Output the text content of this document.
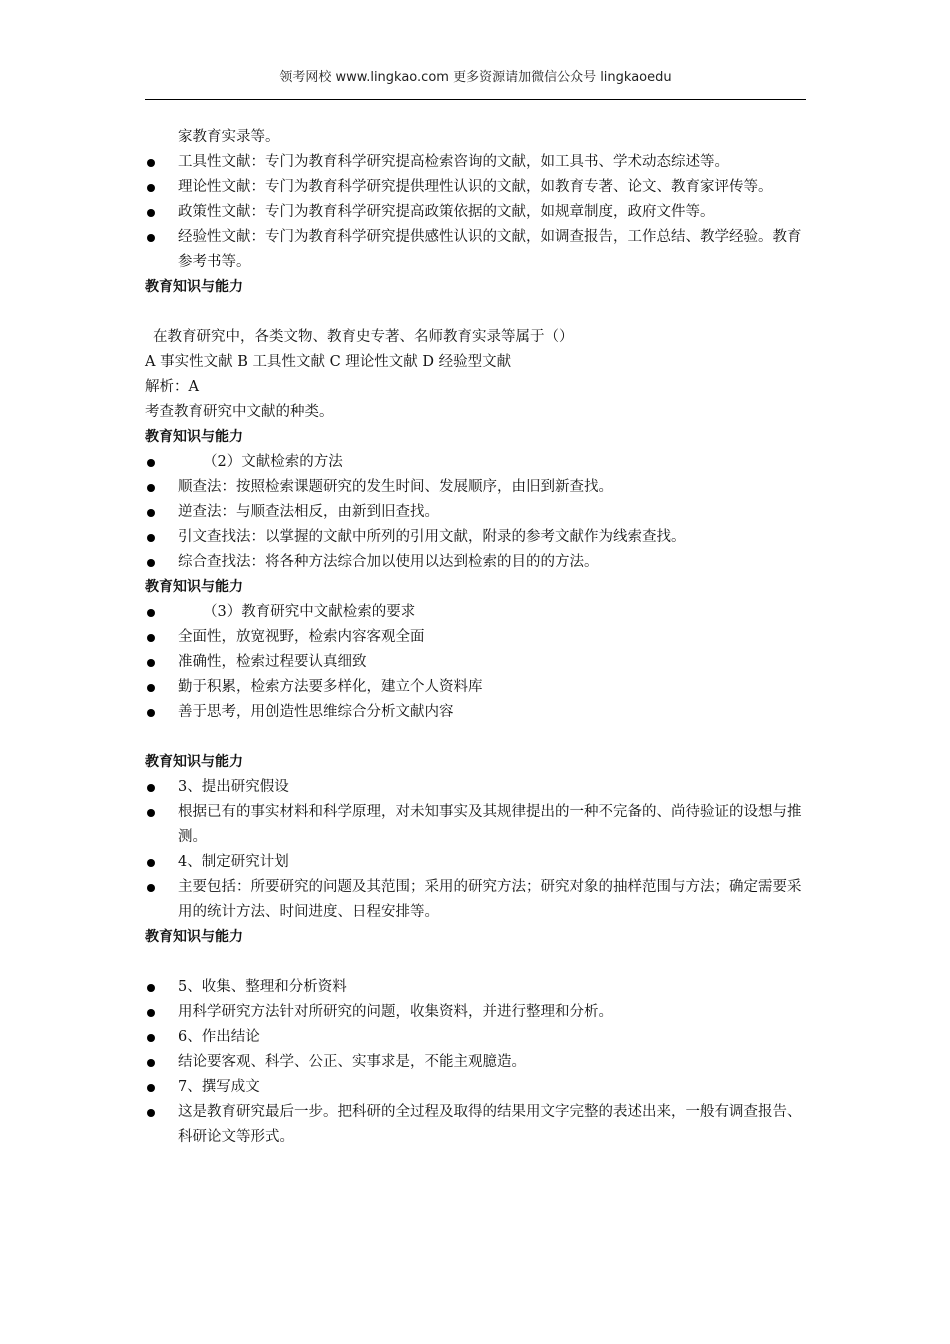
领考网校 www.lingkao.com 更多资源请加微信公众号 lingkaoedu
家教育实录等。
工具性文献：专门为教育科学研究提高检索咨询的文献，如工具书、学术动态综述等。
理论性文献：专门为教育科学研究提供理性认识的文献，如教育专著、论文、教育家评传等。
政策性文献：专门为教育科学研究提高政策依据的文献，如规章制度，政府文件等。
经验性文献：专门为教育科学研究提供感性认识的文献，如调查报告，工作总结、教学经验。教育参考书等。
教育知识与能力
在教育研究中，各类文物、教育史专著、名师教育实录等属于（）
A 事实性文献 B 工具性文献 C 理论性文献 D 经验型文献
解析：A
考查教育研究中文献的种类。
教育知识与能力
（2）文献检索的方法
顺查法：按照检索课题研究的发生时间、发展顺序，由旧到新查找。
逆查法：与顺查法相反，由新到旧查找。
引文查找法：以掌握的文献中所列的引用文献，附录的参考文献作为线索查找。
综合查找法：将各种方法综合加以使用以达到检索的目的的方法。
教育知识与能力
（3）教育研究中文献检索的要求
全面性，放宽视野，检索内容客观全面
准确性，检索过程要认真细致
勤于积累，检索方法要多样化，建立个人资料库
善于思考，用创造性思维综合分析文献内容
教育知识与能力
3、提出研究假设
根据已有的事实材料和科学原理，对未知事实及其规律提出的一种不完备的、尚待验证的设想与推测。
4、制定研究计划
主要包括：所要研究的问题及其范围；采用的研究方法；研究对象的抽样范围与方法；确定需要采用的统计方法、时间进度、日程安排等。
教育知识与能力
5、收集、整理和分析资料
用科学研究方法针对所研究的问题，收集资料，并进行整理和分析。
6、作出结论
结论要客观、科学、公正、实事求是，不能主观臆造。
7、撰写成文
这是教育研究最后一步。把科研的全过程及取得的结果用文字完整的表述出来，一般有调查报告、科研论文等形式。
